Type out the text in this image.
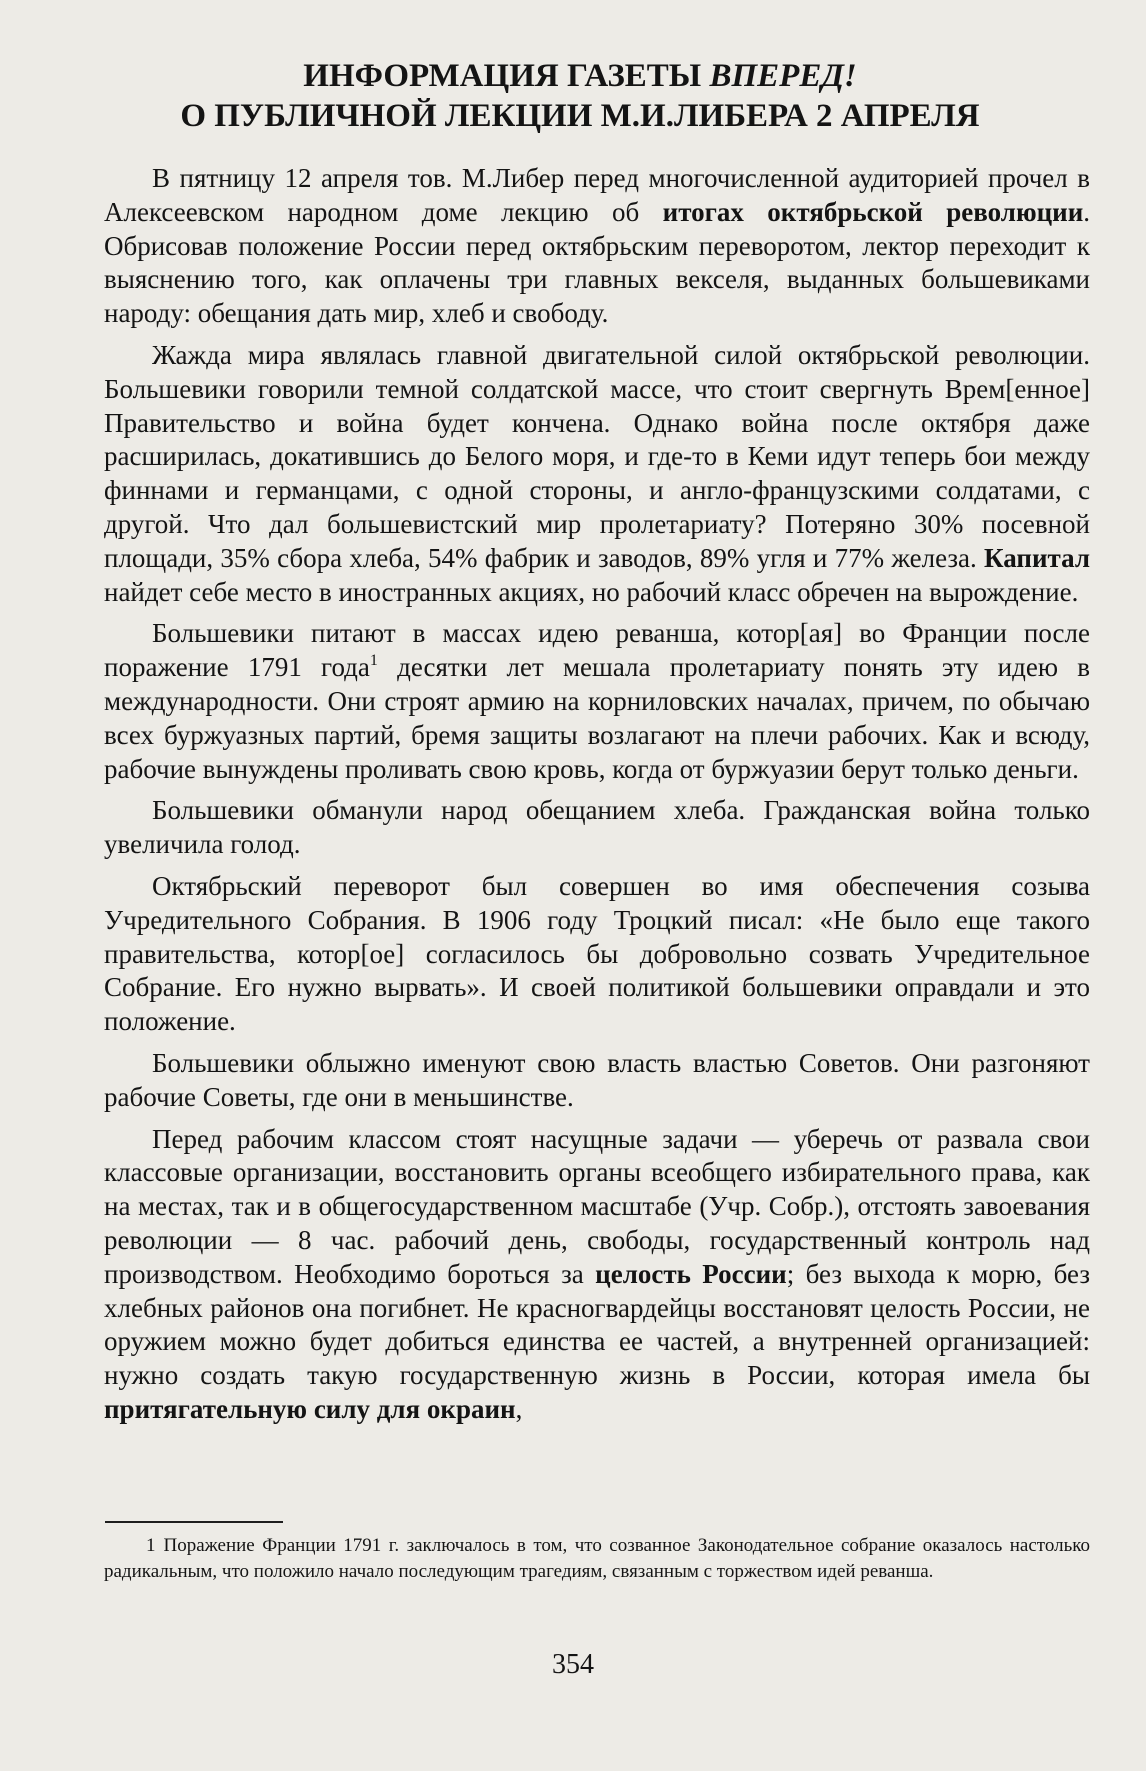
ИНФОРМАЦИЯ ГАЗЕТЫ ВПЕРЕД!
О ПУБЛИЧНОЙ ЛЕКЦИИ М.И.ЛИБЕРА 2 АПРЕЛЯ

В пятницу 12 апреля тов. М.Либер перед многочисленной аудиторией прочел в Алексеевском народном доме лекцию об итогах октябрьской революции. Обрисовав положение России перед октябрьским переворотом, лектор переходит к выяснению того, как оплачены три главных векселя, выданных большевиками народу: обещания дать мир, хлеб и свободу.

Жажда мира являлась главной двигательной силой октябрьской революции. Большевики говорили темной солдатской массе, что стоит свергнуть Врем[енное] Правительство и война будет кончена. Однако война после октября даже расширилась, докатившись до Белого моря, и где-то в Кеми идут теперь бои между финнами и германцами, с одной стороны, и англо-французскими солдатами, с другой. Что дал большевистский мир пролетариату? Потеряно 30% посевной площади, 35% сбора хлеба, 54% фабрик и заводов, 89% угля и 77% железа. Капитал найдет себе место в иностранных акциях, но рабочий класс обречен на вырождение.

Большевики питают в массах идею реванша, котор[ая] во Франции после поражение 1791 года$^1$ десятки лет мешала пролетариату понять эту идею в международности. Они строят армию на корниловских началах, причем, по обычаю всех буржуазных партий, бремя защиты возлагают на плечи рабочих. Как и всюду, рабочие вынуждены проливать свою кровь, когда от буржуазии берут только деньги.

Большевики обманули народ обещанием хлеба. Гражданская война только увеличила голод.

Октябрьский переворот был совершен во имя обеспечения созыва Учредительного Собрания. В 1906 году Троцкий писал: «Не было еще такого правительства, котор[ое] согласилось бы добровольно созвать Учредительное Собрание. Его нужно вырвать». И своей политикой большевики оправдали и это положение.

Большевики облыжно именуют свою власть властью Советов. Они разгоняют рабочие Советы, где они в меньшинстве.

Перед рабочим классом стоят насущные задачи — уберечь от развала свои классовые организации, восстановить органы всеобщего избирательного права, как на местах, так и в общегосударственном масштабе (Учр. Собр.), отстоять завоевания революции — 8 час. рабочий день, свободы, государственный контроль над производством. Необходимо бороться за целость России; без выхода к морю, без хлебных районов она погибнет. Не красногвардейцы восстановят целость России, не оружием можно будет добиться единства ее частей, а внутренней организацией: нужно создать такую государственную жизнь в России, которая имела бы притягательную силу для окраин,

1 Поражение Франции 1791 г. заключалось в том, что созванное Законодательное собрание оказалось настолько радикальным, что положило начало последующим трагедиям, связанным с торжеством идей реванша.
354
